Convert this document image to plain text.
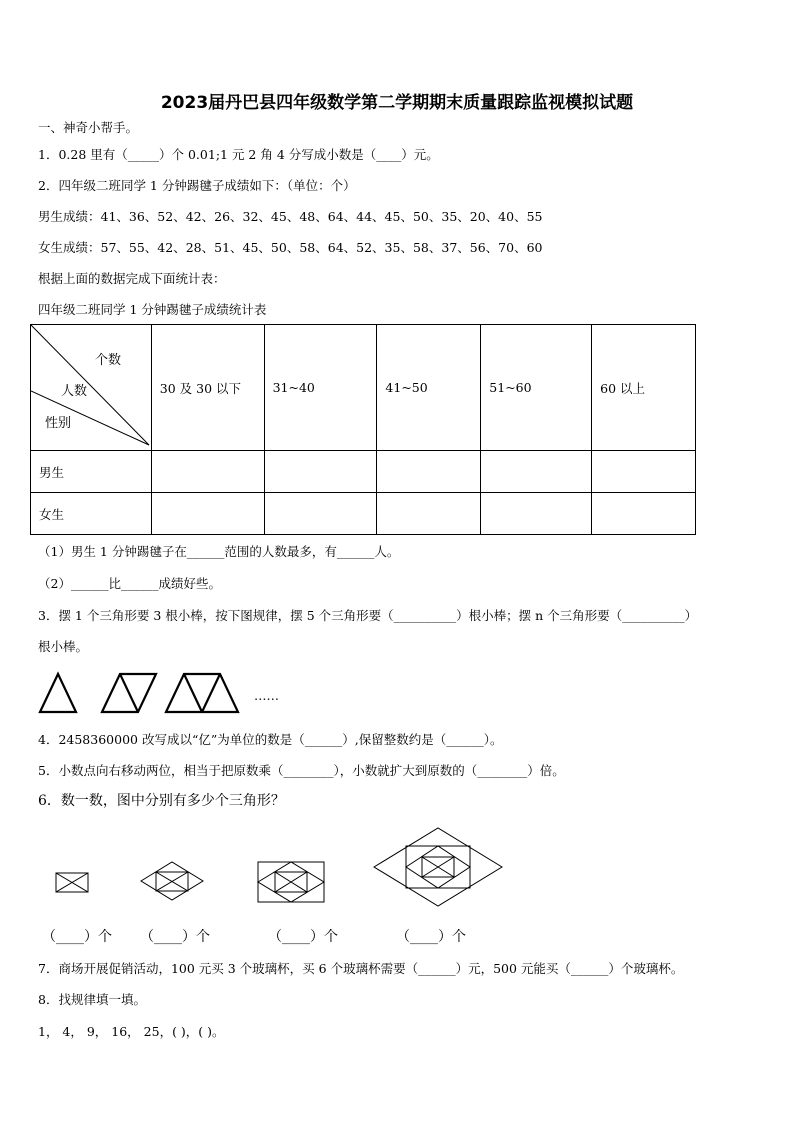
2023届丹巴县四年级数学第二学期期末质量跟踪监视模拟试题
一、神奇小帮手。
1．0.28 里有（_____）个 0.01;1 元 2 角 4 分写成小数是（____）元。
2．四年级二班同学 1 分钟踢毽子成绩如下：（单位：个）
男生成绩：41、36、52、42、26、32、45、48、64、44、45、50、35、20、40、55
女生成绩：57、55、42、28、51、45、50、58、64、52、35、58、37、56、70、60
根据上面的数据完成下面统计表：
四年级二班同学 1 分钟踢毽子成绩统计表
个数
人数
性别	30 及 30 以下	31~40	41~50	51~60	60 以上
男生					
女生					
（1）男生 1 分钟踢毽子在______范围的人数最多，有______人。
（2）______比______成绩好些。
3．摆 1 个三角形要 3 根小棒，按下图规律，摆 5 个三角形要（__________）根小棒；摆 n 个三角形要（__________）
根小棒。
……
4．2458360000 改写成以“亿”为单位的数是（______）,保留整数约是（______）。
5．小数点向右移动两位，相当于把原数乘（________），小数就扩大到原数的（________）倍。
6．数一数，图中分别有多少个三角形？
（____）个 （____）个	（____）个	（____）个
7．商场开展促销活动，100 元买 3 个玻璃杯，买 6 个玻璃杯需要（______）元，500 元能买（______）个玻璃杯。
8．找规律填一填。
1， 4， 9， 16， 25，( )，( )。
